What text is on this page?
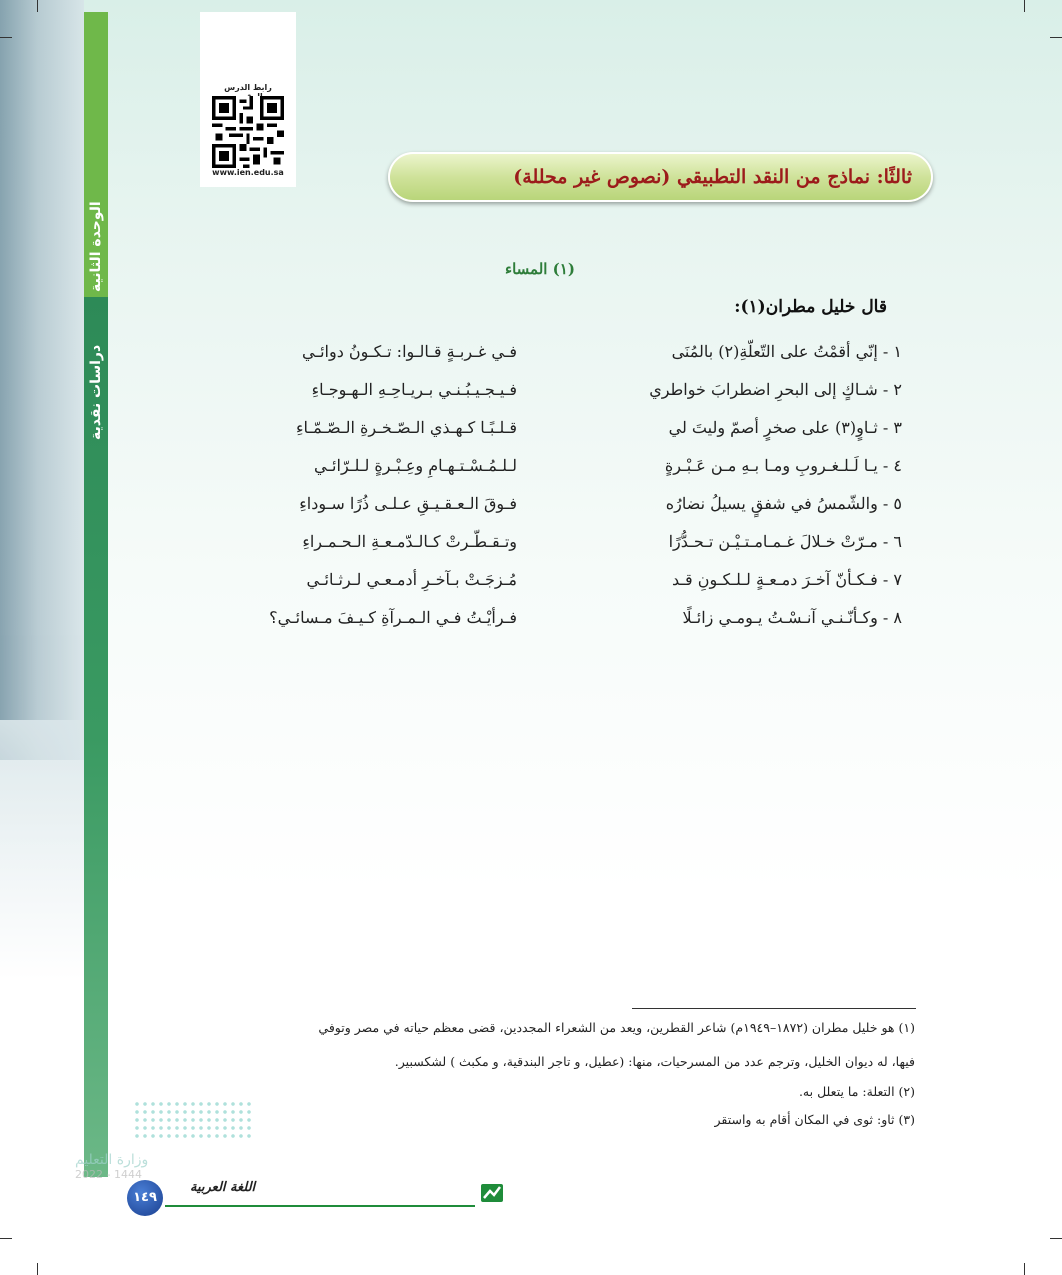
الوحدة الثانية
دراسات نقدية
رابط الدرس
www.ien.edu.sa	ثالثًا: نماذج من النقد التطبيقي (نصوص غير محللة)
(١) المساء
قال خليل مطران(١):
١ - إنّي أقمْتُ على التّعلّةِ(٢) بالمُنَى
فـي غـربـةٍ قـالـوا: تـكـونُ دوائـي
٢ - شـاكٍ إلى البحرِ اضطرابَ خواطري
فـيـجـيـبُـنـي بـريـاحِـهِ الـهـوجـاءِ
٣ - ثـاوٍ(٣) على صخرٍ أصمّ وليتَ لي
قـلـبًـا كـهـذي الـصّـخـرةِ الـصّـمّـاءِ
٤ - يـا لَـلـغـروبِ ومـا بـهِ مـن عَـبْـرةٍ
لـلـمُـسْـتـهـامِ وعِـبْـرةٍ لـلـرّائـي
٥ - والشّمسُ في شفقٍ يسيلُ نضارُه
فـوقَ الـعـقـيـقِ عـلـى ذُرًا سـوداءِ
٦ - مـرّتْ خـلالَ غـمـامـتـيْـن تـحـدُّرًا
وتـقـطّـرتْ كـالـدّمـعـةِ الـحـمـراءِ
٧ - فـكـأنّ آخـرَ دمـعـةٍ لـلـكـونِ قـد
مُـزجَـتْ بـآخـرِ أدمـعـي لـرثـائـي
٨ - وكـأنّـنـي آنـسْـتُ يـومـي زائـلًا
فـرأيْـتُ فـي الـمـرآةِ كـيـفَ مـسائـي؟
(١) هو خليل مطران (١٨٧٢–١٩٤٩م) شاعر القطرين، ويعد من الشعراء المجددين، قضى معظم حياته في مصر وتوفي
فيها، له ديوان الخليل، وترجم عدد من المسرحيات، منها: (عطيل، و تاجر البندقية، و مكبث ) لشكسبير.
(٢) التعلة: ما يتعلل به.
(٣) ثاو: ثوى في المكان أقام به واستقر
وزارة التعليم
2022 - 1444
١٤٩
اللغة العربية
